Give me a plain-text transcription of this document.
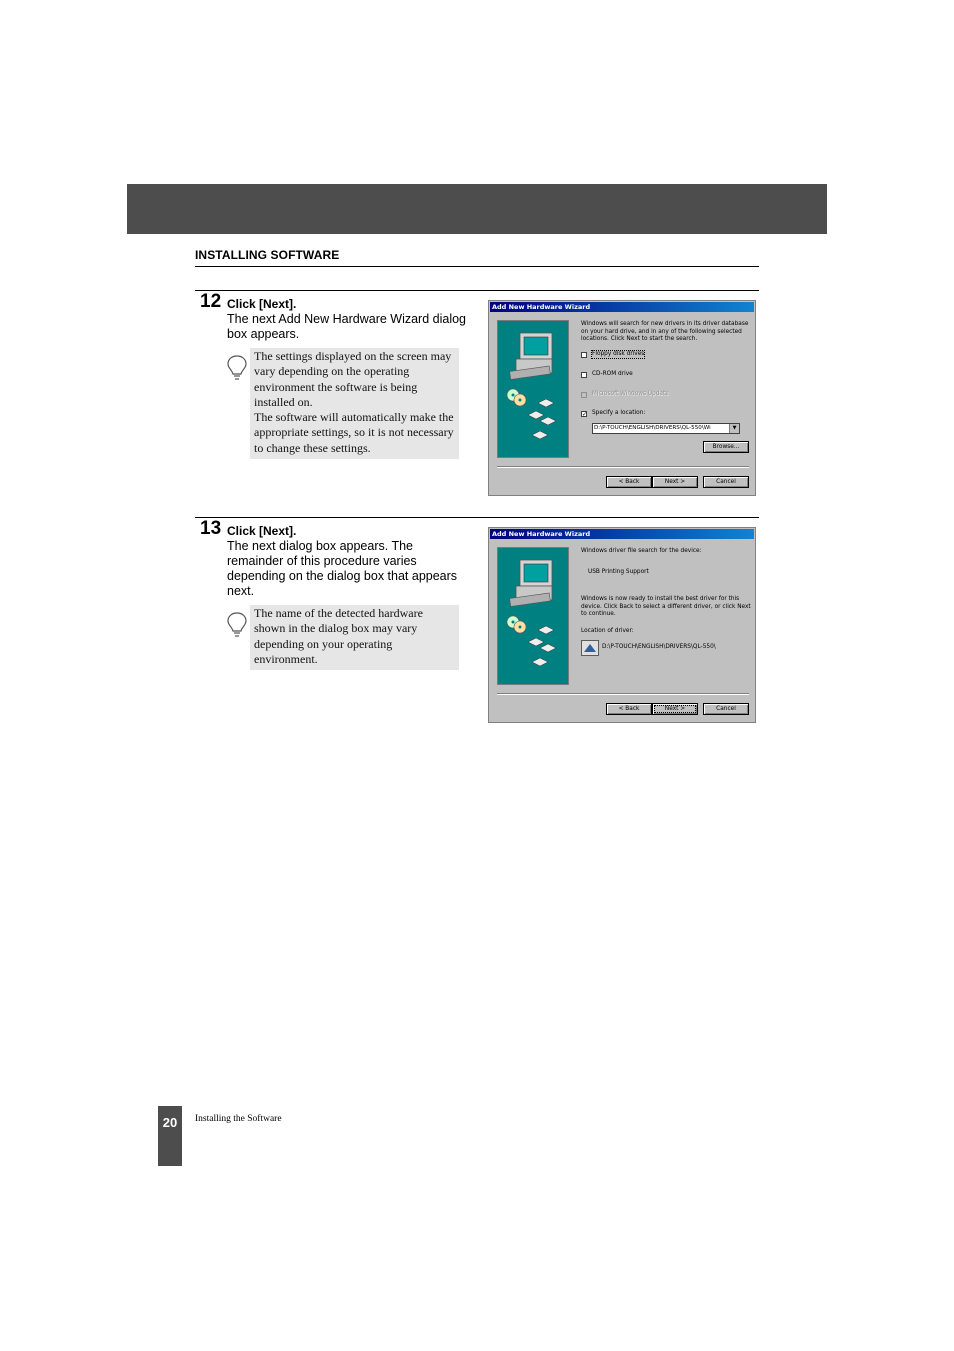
INSTALLING SOFTWARE
12 Click [Next].
The next Add New Hardware Wizard dialog box appears.

The settings displayed on the screen may vary depending on the operating environment the software is being installed on.

The software will automatically make the appropriate settings, so it is not necessary to change these settings.

Add New Hardware Wizard
Windows will search for new drivers in its driver database on your hard drive, and in any of the following selected locations. Click Next to start the search.
Floppy disk drives
CD-ROM drive
Microsoft Windows Update
✓ Specify a location:
D:\P-TOUCH\ENGLISH\DRIVERS\QL-550\Wi	▼
Browse...
< Back	Next >	Cancel
13 Click [Next].
The next dialog box appears. The remainder of this procedure varies depending on the dialog box that appears next.

The name of the detected hardware shown in the dialog box may vary depending on your operating environment.

Add New Hardware Wizard
Windows driver file search for the device:
USB Printing Support
Windows is now ready to install the best driver for this device. Click Back to select a different driver, or click Next to continue.
Location of driver:
D:\P-TOUCH\ENGLISH\DRIVERS\QL-550\
< Back	Next >	Cancel
20	Installing the Software
